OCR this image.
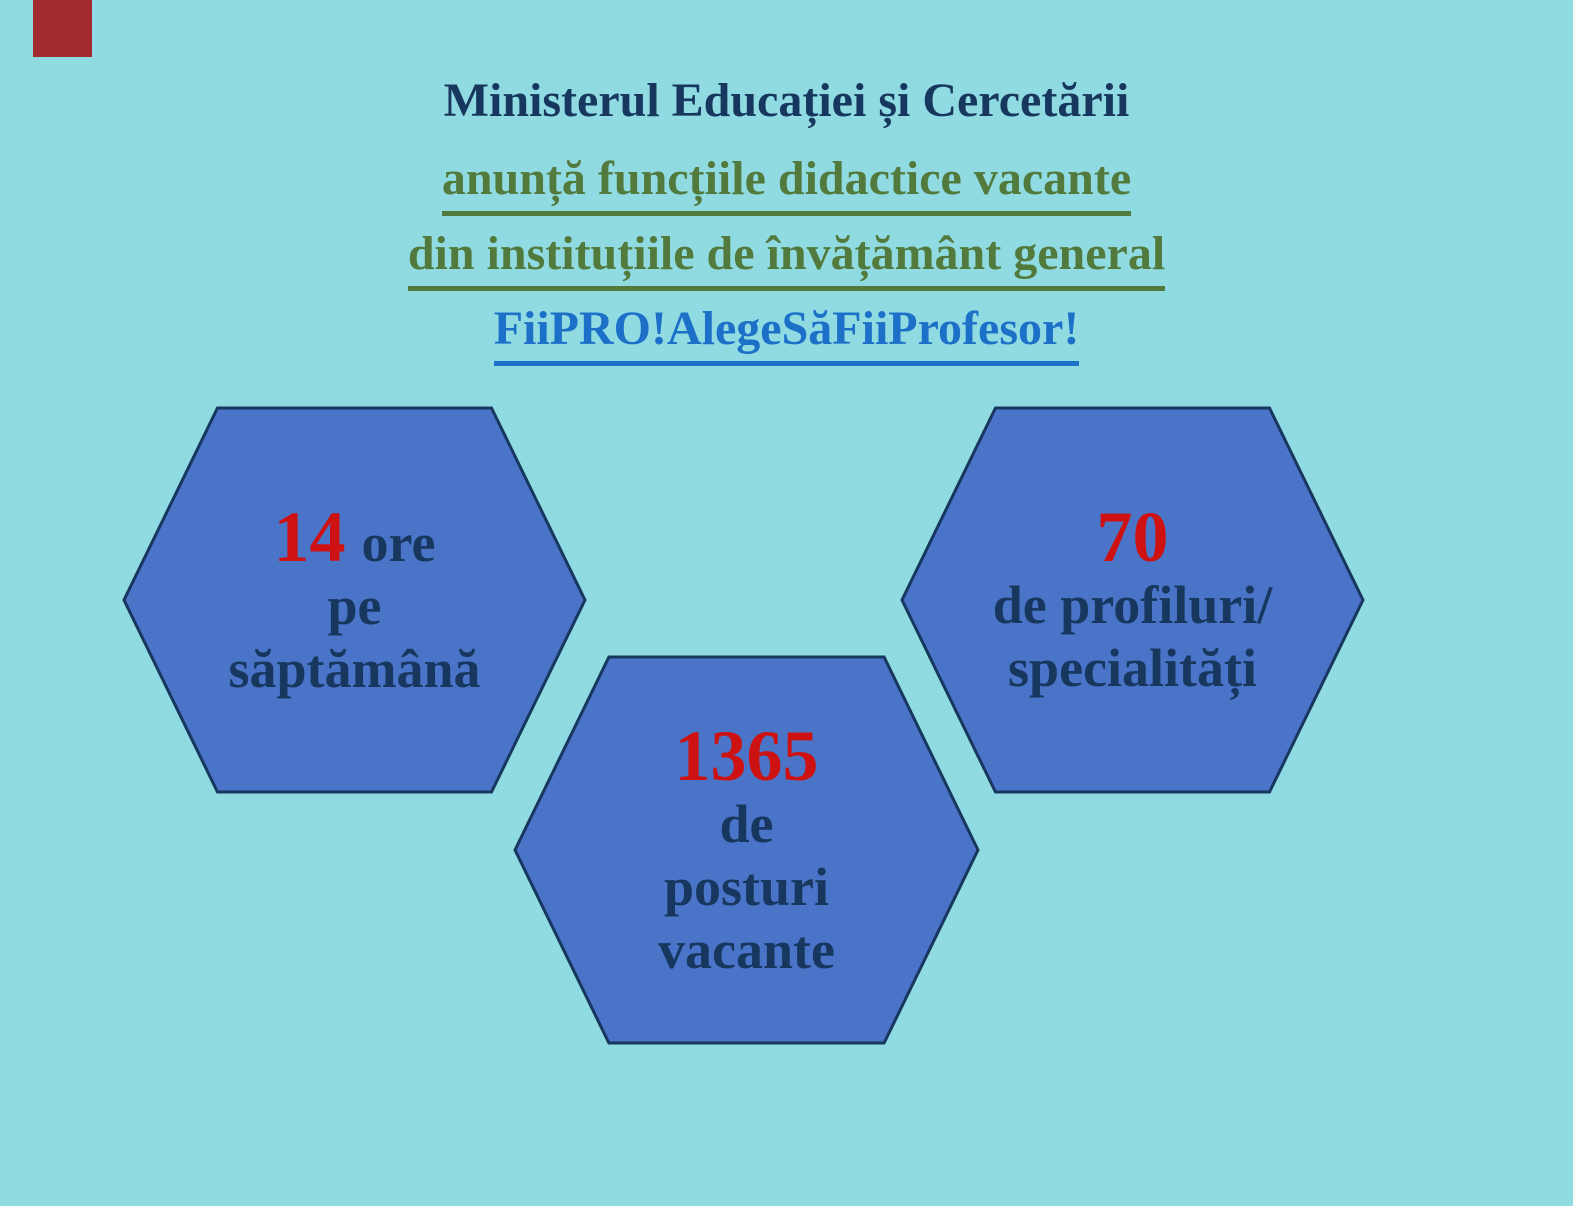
Ministerul Educației și Cercetării
anunță funcțiile didactice vacante
din instituțiile de învățământ general
FiiPRO!AlegeSăFiiProfesor!
14 ore
pe
săptămână
70
de profiluri/
specialități
1365
de
posturi
vacante
